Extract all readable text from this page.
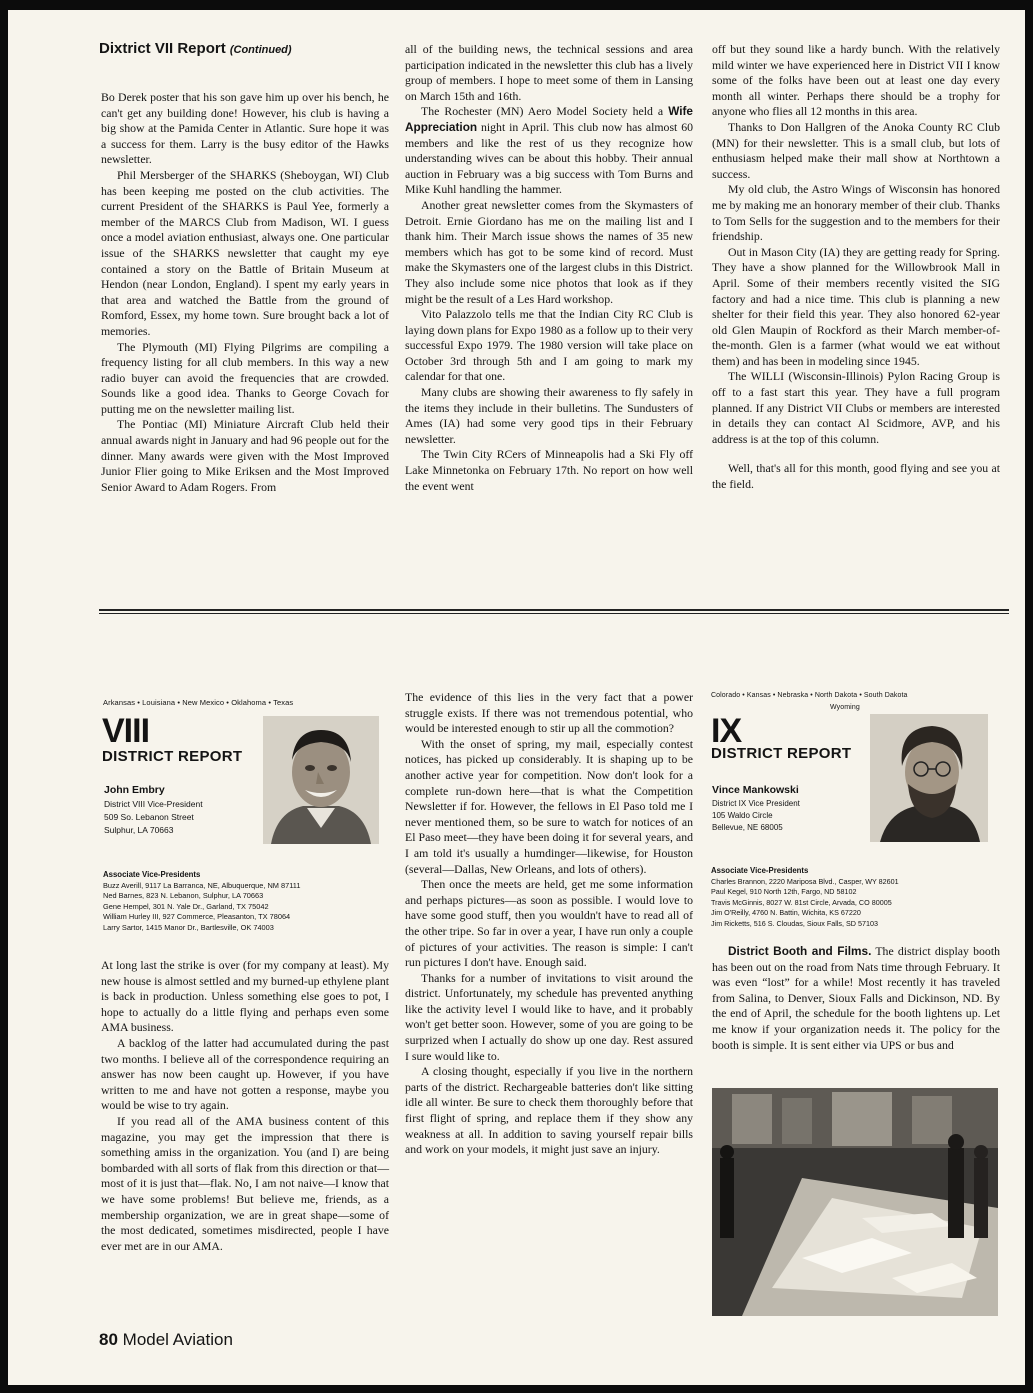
Dixtrict VII Report (Continued)

Bo Derek poster that his son gave him up over his bench, he can't get any building done! However, his club is having a big show at the Pamida Center in Atlantic. Sure hope it was a success for them. Larry is the busy editor of the Hawks newsletter.

Phil Mersberger of the SHARKS (Sheboygan, WI) Club has been keeping me posted on the club activities. The current President of the SHARKS is Paul Yee, formerly a member of the MARCS Club from Madison, WI. I guess once a model aviation enthusiast, always one. One particular issue of the SHARKS newsletter that caught my eye contained a story on the Battle of Britain Museum at Hendon (near London, England). I spent my early years in that area and watched the Battle from the ground of Romford, Essex, my home town. Sure brought back a lot of memories.

The Plymouth (MI) Flying Pilgrims are compiling a frequency listing for all club members. In this way a new radio buyer can avoid the frequencies that are crowded. Sounds like a good idea. Thanks to George Covach for putting me on the newsletter mailing list.

The Pontiac (MI) Miniature Aircraft Club held their annual awards night in January and had 96 people out for the dinner. Many awards were given with the Most Improved Junior Flier going to Mike Eriksen and the Most Improved Senior Award to Adam Rogers. From

all of the building news, the technical sessions and area participation indicated in the newsletter this club has a lively group of members. I hope to meet some of them in Lansing on March 15th and 16th.

The Rochester (MN) Aero Model Society held a Wife Appreciation night in April. This club now has almost 60 members and like the rest of us they recognize how understanding wives can be about this hobby. Their annual auction in February was a big success with Tom Burns and Mike Kuhl handling the hammer.

Another great newsletter comes from the Skymasters of Detroit. Ernie Giordano has me on the mailing list and I thank him. Their March issue shows the names of 35 new members which has got to be some kind of record. Must make the Skymasters one of the largest clubs in this District. They also include some nice photos that look as if they might be the result of a Les Hard workshop.

Vito Palazzolo tells me that the Indian City RC Club is laying down plans for Expo 1980 as a follow up to their very successful Expo 1979. The 1980 version will take place on October 3rd through 5th and I am going to mark my calendar for that one.

Many clubs are showing their awareness to fly safely in the items they include in their bulletins. The Sundusters of Ames (IA) had some very good tips in their February newsletter.

The Twin City RCers of Minneapolis had a Ski Fly off Lake Minnetonka on February 17th. No report on how well the event went

off but they sound like a hardy bunch. With the relatively mild winter we have experienced here in District VII I know some of the folks have been out at least one day every month all winter. Perhaps there should be a trophy for anyone who flies all 12 months in this area.

Thanks to Don Hallgren of the Anoka County RC Club (MN) for their newsletter. This is a small club, but lots of enthusiasm helped make their mall show at Northtown a success.

My old club, the Astro Wings of Wisconsin has honored me by making me an honorary member of their club. Thanks to Tom Sells for the suggestion and to the members for their friendship.

Out in Mason City (IA) they are getting ready for Spring. They have a show planned for the Willowbrook Mall in April. Some of their members recently visited the SIG factory and had a nice time. This club is planning a new shelter for their field this year. They also honored 62-year old Glen Maupin of Rockford as their March member-of-the-month. Glen is a farmer (what would we eat without them) and has been in modeling since 1945.

The WILLI (Wisconsin-Illinois) Pylon Racing Group is off to a fast start this year. They have a full program planned. If any District VII Clubs or members are interested in details they can contact Al Scidmore, AVP, and his address is at the top of this column.

Well, that's all for this month, good flying and see you at the field.

Arkansas • Louisiana • New Mexico • Oklahoma • Texas
VIII
DISTRICT REPORT
John Embry
District VIII Vice-President
509 So. Lebanon Street
Sulphur, LA 70663
Associate Vice-Presidents
Buzz Averill, 9117 La Barranca, NE, Albuquerque, NM 87111
Ned Barnes, 823 N. Lebanon, Sulphur, LA 70663
Gene Hempel, 301 N. Yale Dr., Garland, TX 75042
William Hurley III, 927 Commerce, Pleasanton, TX 78064
Larry Sartor, 1415 Manor Dr., Bartlesville, OK 74003

At long last the strike is over (for my company at least). My new house is almost settled and my burned-up ethylene plant is back in production. Unless something else goes to pot, I hope to actually do a little flying and perhaps even some AMA business.

A backlog of the latter had accumulated during the past two months. I believe all of the correspondence requiring an answer has now been caught up. However, if you have written to me and have not gotten a response, maybe you would be wise to try again.

If you read all of the AMA business content of this magazine, you may get the impression that there is something amiss in the organization. You (and I) are being bombarded with all sorts of flak from this direction or that—most of it is just that—flak. No, I am not naive—I know that we have some problems! But believe me, friends, as a membership organization, we are in great shape—some of the most dedicated, sometimes misdirected, people I have ever met are in our AMA.

The evidence of this lies in the very fact that a power struggle exists. If there was not tremendous potential, who would be interested enough to stir up all the commotion?

With the onset of spring, my mail, especially contest notices, has picked up considerably. It is shaping up to be another active year for competition. Now don't look for a complete run-down here—that is what the Competition Newsletter if for. However, the fellows in El Paso told me I never mentioned them, so be sure to watch for notices of an El Paso meet—they have been doing it for several years, and I am told it's usually a humdinger—likewise, for Houston (several—Dallas, New Orleans, and lots of others).

Then once the meets are held, get me some information and perhaps pictures—as soon as possible. I would love to have some good stuff, then you wouldn't have to read all of the other tripe. So far in over a year, I have run only a couple of pictures of your activities. The reason is simple: I can't run pictures I don't have. Enough said.

Thanks for a number of invitations to visit around the district. Unfortunately, my schedule has prevented anything like the activity level I would like to have, and it probably won't get better soon. However, some of you are going to be surprized when I actually do show up one day. Rest assured I sure would like to.

A closing thought, especially if you live in the northern parts of the district. Rechargeable batteries don't like sitting idle all winter. Be sure to check them thoroughly before that first flight of spring, and replace them if they show any weakness at all. In addition to saving yourself repair bills and work on your models, it might just save an injury.

Colorado • Kansas • Nebraska • North Dakota • South Dakota
Wyoming
IX
DISTRICT REPORT
Vince Mankowski
District IX Vice President
105 Waldo Circle
Bellevue, NE 68005
Associate Vice-Presidents
Charles Brannon, 2220 Mariposa Blvd., Casper, WY 82601
Paul Kegel, 910 North 12th, Fargo, ND 58102
Travis McGinnis, 8027 W. 81st Circle, Arvada, CO 80005
Jim O'Reilly, 4760 N. Battin, Wichita, KS 67220
Jim Ricketts, 516 S. Cloudas, Sioux Falls, SD 57103

District Booth and Films. The district display booth has been out on the road from Nats time through February. It was even “lost” for a while! Most recently it has traveled from Salina, to Denver, Sioux Falls and Dickinson, ND. By the end of April, the schedule for the booth lightens up. Let me know if your organization needs it. The policy for the booth is simple. It is sent either via UPS or bus and

80 Model Aviation
